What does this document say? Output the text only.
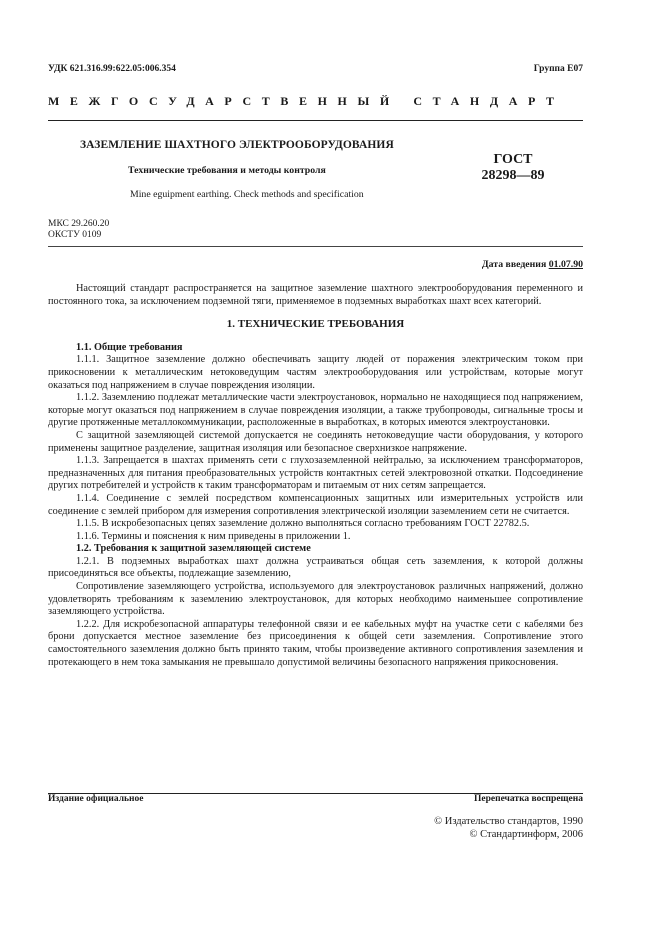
УДК 621.316.99:622.05:006.354	Группа Е07
МЕЖГОСУДАРСТВЕННЫЙ СТАНДАРТ
ЗАЗЕМЛЕНИЕ ШАХТНОГО ЭЛЕКТРООБОРУДОВАНИЯ
Технические требования и методы контроля
Mine eguipment earthing. Check methods and specification
ГОСТ
28298—89
МКС 29.260.20
ОКСТУ 0109
Дата введения 01.07.90

Настоящий стандарт распространяется на защитное заземление шахтного электрооборудования переменного и постоянного тока, за исключением подземной тяги, применяемое в подземных выработках шахт всех категорий.

1. ТЕХНИЧЕСКИЕ ТРЕБОВАНИЯ
1.1. Общие требования

1.1.1. Защитное заземление должно обеспечивать защиту людей от поражения электрическим током при прикосновении к металлическим нетоковедущим частям электрооборудования или устройствам, которые могут оказаться под напряжением в случае повреждения изоляции.

1.1.2. Заземлению подлежат металлические части электроустановок, нормально не находящиеся под напряжением, которые могут оказаться под напряжением в случае повреждения изоляции, а также трубопроводы, сигнальные тросы и другие протяженные металлокоммуникации, расположенные в выработках, в которых имеются электроустановки.

С защитной заземляющей системой допускается не соединять нетоковедущие части оборудования, у которого применены защитное разделение, защитная изоляция или безопасное сверхнизкое напряжение.

1.1.3. Запрещается в шахтах применять сети с глухозаземленной нейтралью, за исключением трансформаторов, предназначенных для питания преобразовательных устройств контактных сетей электровозной откатки. Подсоединение других потребителей и устройств к таким трансформаторам и питаемым от них сетям запрещается.

1.1.4. Соединение с землей посредством компенсационных защитных или измерительных устройств или соединение с землей прибором для измерения сопротивления электрической изоляции заземлением сети не считается.

1.1.5. В искробезопасных цепях заземление должно выполняться согласно требованиям ГОСТ 22782.5.

1.1.6. Термины и пояснения к ним приведены в приложении 1.

1.2. Требования к защитной заземляющей системе

1.2.1. В подземных выработках шахт должна устраиваться общая сеть заземления, к которой должны присоединяться все объекты, подлежащие заземлению,

Сопротивление заземляющего устройства, используемого для электроустановок различных напряжений, должно удовлетворять требованиям к заземлению электроустановок, для которых необходимо наименьшее сопротивление заземляющего устройства.

1.2.2. Для искробезопасной аппаратуры телефонной связи и ее кабельных муфт на участке сети с кабелями без брони допускается местное заземление без присоединения к общей сети заземления. Сопротивление этого самостоятельного заземления должно быть принято таким, чтобы произведение активного сопротивления заземления и протекающего в нем тока замыкания не превышало допустимой величины безопасного напряжения прикосновения.

Издание официальное	Перепечатка воспрещена
© Издательство стандартов, 1990
© Стандартинформ, 2006
